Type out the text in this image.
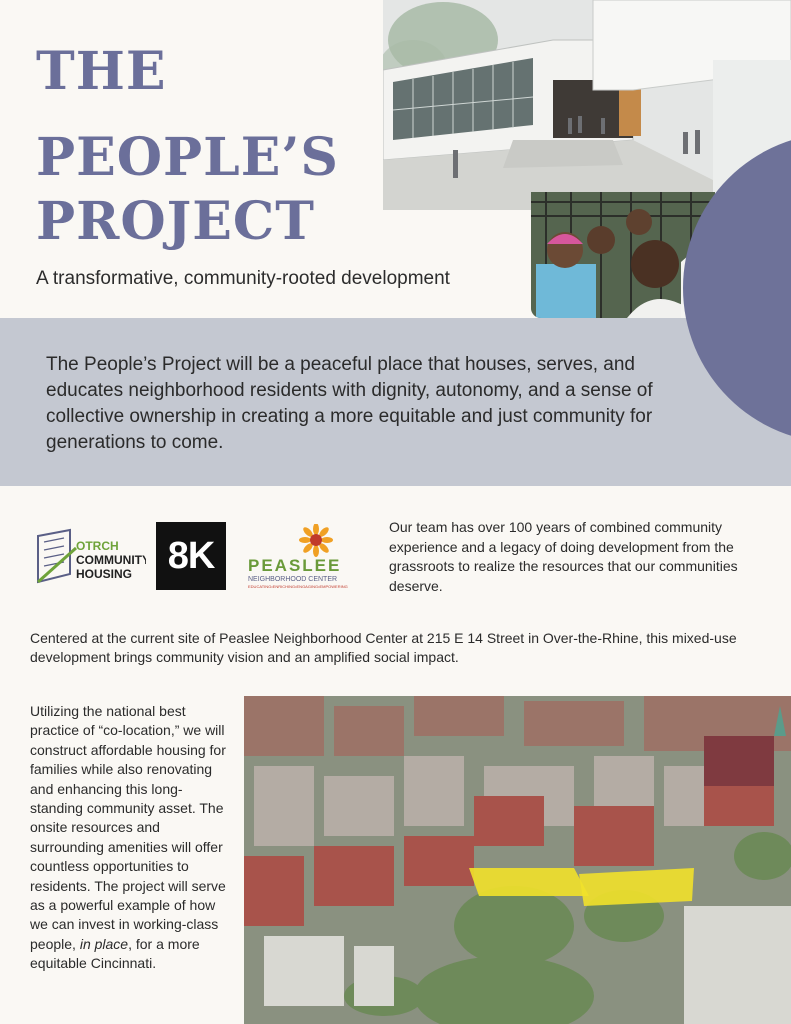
THE
PEOPLE’S
PROJECT
A transformative, community-rooted development
The People’s Project will be a peaceful place that houses, serves, and educates neighborhood residents with dignity, autonomy, and a sense of collective ownership in creating a more equitable and just community for generations to come.
OTRCH
COMMUNITY
HOUSING 8K	PEASLEE
NEIGHBORHOOD CENTER
EDUCATING•ENRICHING•ENGAGING•EMPOWERING
Our team has over 100 years of combined community experience and a legacy of doing development from the grassroots to realize the resources that our communities deserve.
Centered at the current site of Peaslee Neighborhood Center at 215 E 14 Street in Over-the-Rhine, this mixed-use development brings community vision and an amplified social impact.
Utilizing the national best practice of “co-location,” we will construct affordable housing for families while also renovating and enhancing this long-standing community asset. The onsite resources and surrounding amenities will offer countless opportunities to residents. The project will serve as a powerful example of how we can invest in working-class people, in place, for a more equitable Cincinnati.
